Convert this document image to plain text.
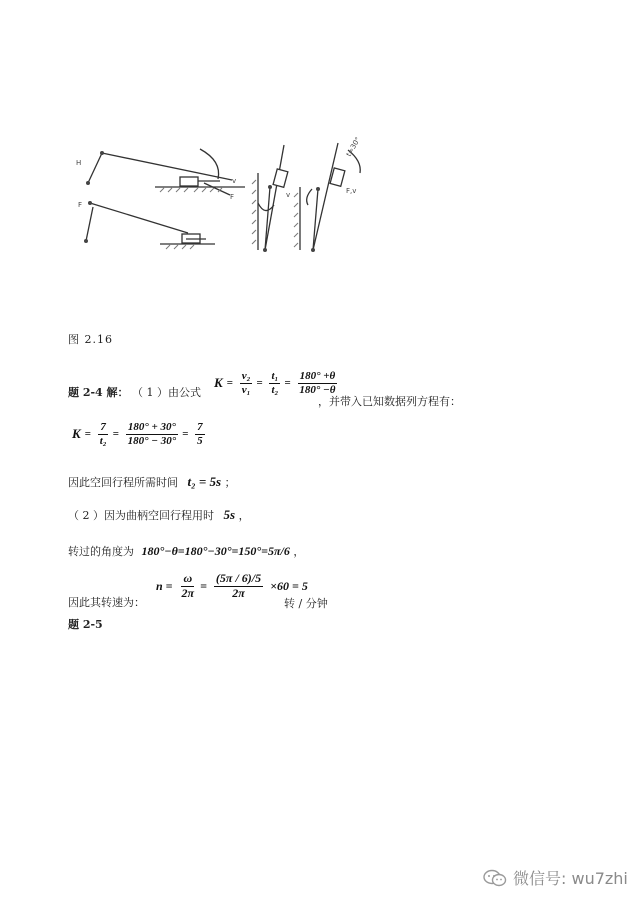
v
F
H
F
t=30°
v	F,v
图 2.16
题 2-4 解： （ 1 ）由公式
$K = \frac{\text{v₂}}{\text{v₁}} = \frac{\text{t₁}}{\text{t₂}} = \frac{180^\circ +\theta}{180^\circ -\theta}$
，并带入已知数据列方程有：
$K = \frac{7}{\text{t₂}} = \frac{180^\circ + 30^\circ}{180^\circ - 30^\circ} = \frac{7}{5}$
因此空回行程所需时间 t₂ = 5s ；
（ 2 ）因为曲柄空回行程用时 5s ，
转过的角度为 180°−θ=180°−30°=150°=5π/6 ，
因此其转速为：
$n = \frac{\omega}{2\pi} = \frac{(5\pi / 6)/5}{2\pi} \times 60 = 5$
转 / 分钟
题 2-5
微信号: wu7zhi
